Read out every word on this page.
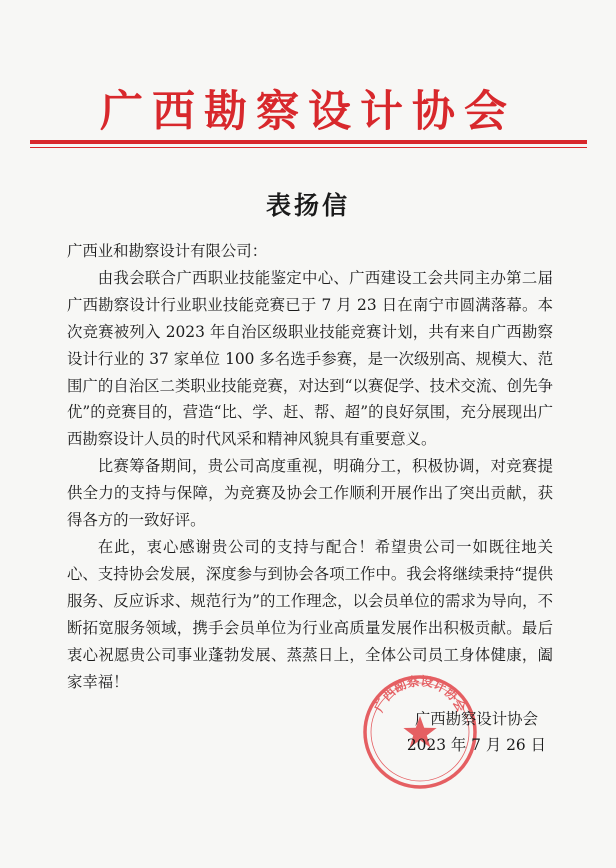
广西勘察设计协会
表扬信

广西业和勘察设计有限公司：

由我会联合广西职业技能鉴定中心、广西建设工会共同主办第二届广西勘察设计行业职业技能竞赛已于 7 月 23 日在南宁市圆满落幕。本次竞赛被列入 2023 年自治区级职业技能竞赛计划，共有来自广西勘察设计行业的 37 家单位 100 多名选手参赛，是一次级别高、规模大、范围广的自治区二类职业技能竞赛，对达到“以赛促学、技术交流、创先争优”的竞赛目的，营造“比、学、赶、帮、超”的良好氛围，充分展现出广西勘察设计人员的时代风采和精神风貌具有重要意义。

比赛筹备期间，贵公司高度重视，明确分工，积极协调，对竞赛提供全力的支持与保障，为竞赛及协会工作顺利开展作出了突出贡献，获得各方的一致好评。

在此，衷心感谢贵公司的支持与配合！希望贵公司一如既往地关心、支持协会发展，深度参与到协会各项工作中。我会将继续秉持“提供服务、反应诉求、规范行为”的工作理念，以会员单位的需求为导向，不断拓宽服务领域，携手会员单位为行业高质量发展作出积极贡献。最后衷心祝愿贵公司事业蓬勃发展、蒸蒸日上，全体公司员工身体健康，阖家幸福！

广西勘察设计协会
广西勘察设计协会
2023 年 7 月 26 日
